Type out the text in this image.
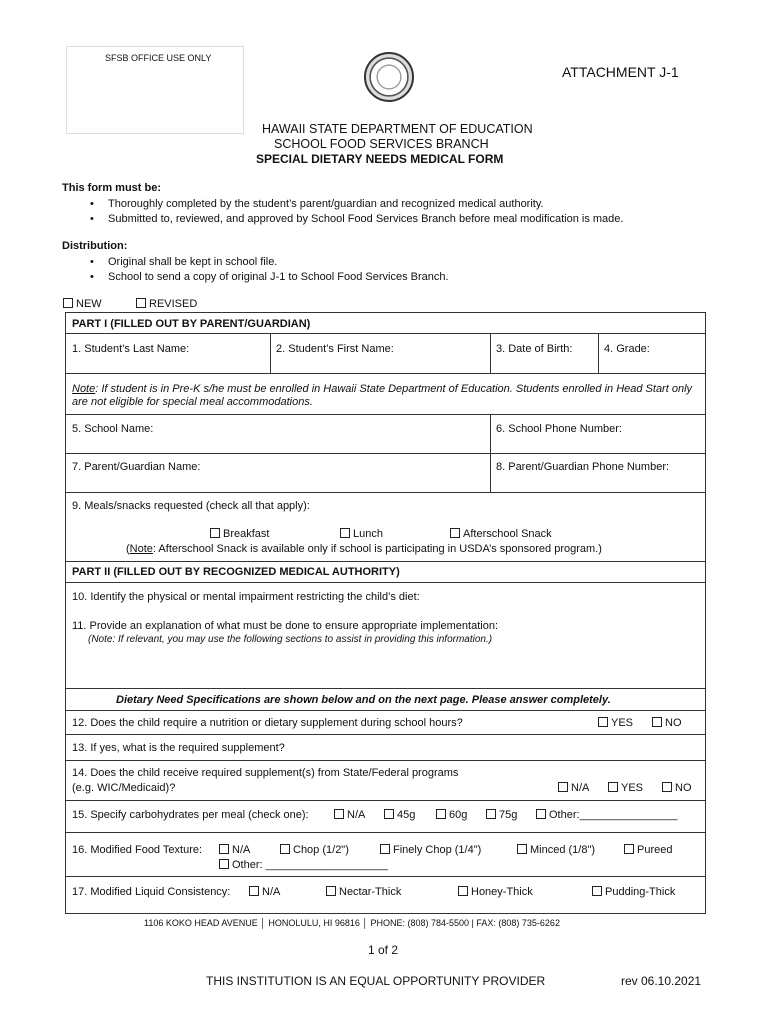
SFSB OFFICE USE ONLY
ATTACHMENT J-1
HAWAII STATE DEPARTMENT OF EDUCATION
SCHOOL FOOD SERVICES BRANCH
SPECIAL DIETARY NEEDS MEDICAL FORM
This form must be:
• Thoroughly completed by the student’s parent/guardian and recognized medical authority.
• Submitted to, reviewed, and approved by School Food Services Branch before meal modification is made.
Distribution:
• Original shall be kept in school file.
• School to send a copy of original J-1 to School Food Services Branch.
NEW	REVISED
PART I (FILLED OUT BY PARENT/GUARDIAN)
1. Student’s Last Name:	2. Student’s First Name:	3. Date of Birth:	4. Grade:
Note: If student is in Pre-K s/he must be enrolled in Hawaii State Department of Education. Students enrolled in Head Start only are not eligible for special meal accommodations.
5. School Name:	6. School Phone Number:
7. Parent/Guardian Name:	8. Parent/Guardian Phone Number:
9. Meals/snacks requested (check all that apply):
Breakfast	Lunch	Afterschool Snack
(Note: Afterschool Snack is available only if school is participating in USDA’s sponsored program.)
PART II (FILLED OUT BY RECOGNIZED MEDICAL AUTHORITY)
10. Identify the physical or mental impairment restricting the child’s diet:
11. Provide an explanation of what must be done to ensure appropriate implementation:
(Note: If relevant, you may use the following sections to assist in providing this information.)
Dietary Need Specifications are shown below and on the next page. Please answer completely.
12. Does the child require a nutrition or dietary supplement during school hours?	YES	NO
13. If yes, what is the required supplement?
14. Does the child receive required supplement(s) from State/Federal programs
(e.g. WIC/Medicaid)?	N/A	YES	NO
15. Specify carbohydrates per meal (check one):	N/A	45g	60g	75g	Other:________________
16. Modified Food Texture:	N/A	Chop (1/2")	Finely Chop (1/4")	Minced (1/8")	Pureed
Other: ____________________
17. Modified Liquid Consistency:	N/A	Nectar-Thick	Honey-Thick	Pudding-Thick
1106 KOKO HEAD AVENUE │ HONOLULU, HI 96816 │ PHONE: (808) 784-5500 | FAX: (808) 735-6262
1 of 2
THIS INSTITUTION IS AN EQUAL OPPORTUNITY PROVIDER	rev 06.10.2021
